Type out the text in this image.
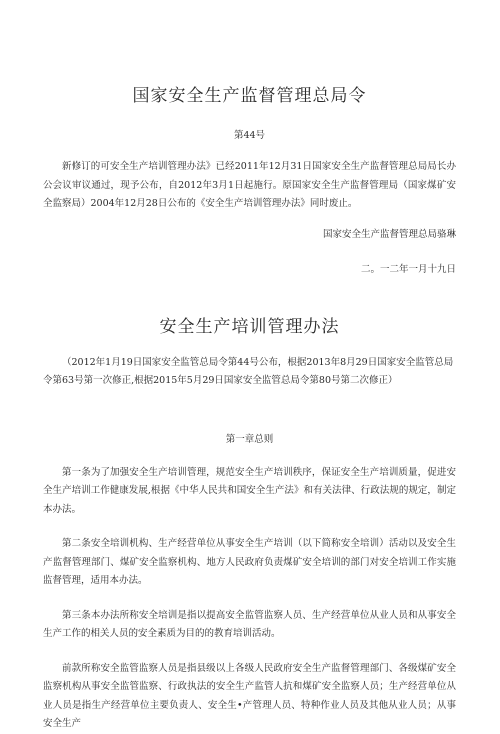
国家安全生产监督管理总局令
第44号

新修订的可安全生产培训管理办法》已经2011年12月31日国家安全生产监督管理总局局长办公会议审议通过，现予公布，自2012年3月1日起施行。原国家安全生产监督管理局（国家煤矿安全监察局）2004年12月28日公布的《安全生产培训管理办法》同时废止。

国家安全生产监督管理总局骆琳
二。一二年一月十九日
安全生产培训管理办法

（2012年1月19日国家安全监管总局令第44号公布，根据2013年8月29日国家安全监管总局令第63号第一次修正,根据2015年5月29日国家安全监管总局令第80号第二次修正）

第一章总则

第一条为了加强安全生产培训管理，规范安全生产培训秩序，保证安全生产培训质量，促进安全生产培训工作健康发展,根据《中华人民共和国安全生产法》和有关法律、行政法规的规定，制定本办法。

第二条安全培训机构、生产经营单位从事安全生产培训（以下简称安全培训）活动以及安全生产监督管理部门、煤矿安全监察机构、地方人民政府负责煤矿安全培训的部门对安全培训工作实施监督管理，适用本办法。

第三条本办法所称安全培训是指以提高安全监管监察人员、生产经营单位从业人员和从事安全生产工作的相关人员的安全素质为目的的教育培训活动。

前款所称安全监管监察人员是指县级以上各级人民政府安全生产监督管理部门、各级煤矿安全监察机构从事安全监管监察、行政执法的安全生产监管人抗和煤矿安全监察人员；生产经营单位从业人员是指生产经营单位主要负责人、安全生•产管理人员、特种作业人员及其他从业人员；从事安全生产
